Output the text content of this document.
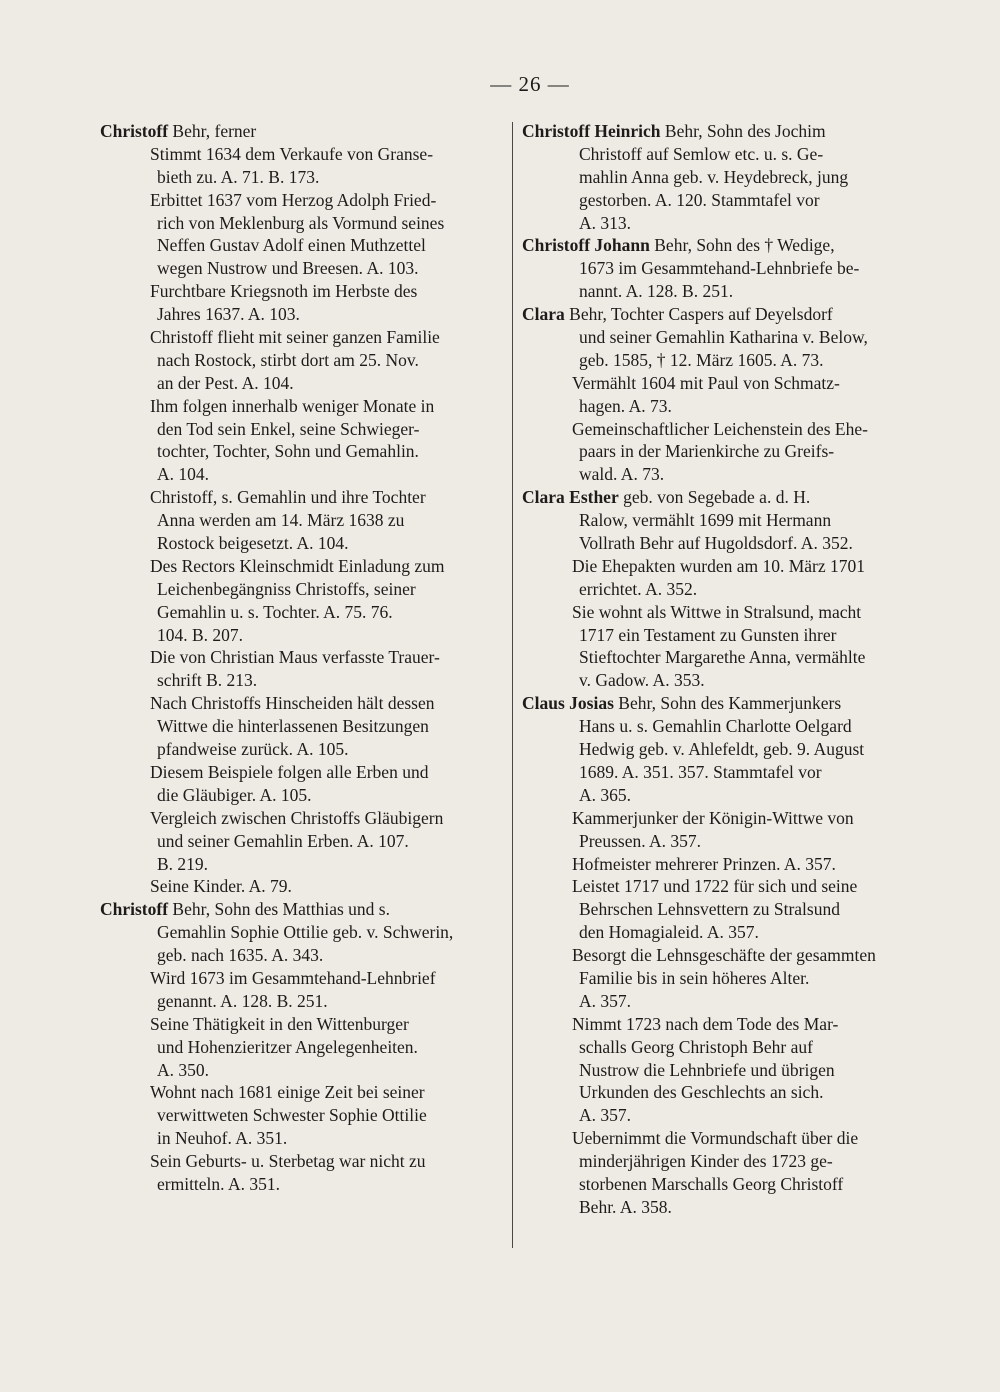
— 26 —
Christoff Behr, ferner
Stimmt 1634 dem Verkaufe von Granse-
bieth zu. A. 71. B. 173.
Erbittet 1637 vom Herzog Adolph Fried-
rich von Meklenburg als Vormund seines
Neffen Gustav Adolf einen Muthzettel
wegen Nustrow und Breesen. A. 103.
Furchtbare Kriegsnoth im Herbste des
Jahres 1637. A. 103.
Christoff flieht mit seiner ganzen Familie
nach Rostock, stirbt dort am 25. Nov.
an der Pest. A. 104.
Ihm folgen innerhalb weniger Monate in
den Tod sein Enkel, seine Schwieger-
tochter, Tochter, Sohn und Gemahlin.
A. 104.
Christoff, s. Gemahlin und ihre Tochter
Anna werden am 14. März 1638 zu
Rostock beigesetzt. A. 104.
Des Rectors Kleinschmidt Einladung zum
Leichenbegängniss Christoffs, seiner
Gemahlin u. s. Tochter. A. 75. 76.
104. B. 207.
Die von Christian Maus verfasste Trauer-
schrift B. 213.
Nach Christoffs Hinscheiden hält dessen
Wittwe die hinterlassenen Besitzungen
pfandweise zurück. A. 105.
Diesem Beispiele folgen alle Erben und
die Gläubiger. A. 105.
Vergleich zwischen Christoffs Gläubigern
und seiner Gemahlin Erben. A. 107.
B. 219.
Seine Kinder. A. 79.
Christoff Behr, Sohn des Matthias und s.
Gemahlin Sophie Ottilie geb. v. Schwerin,
geb. nach 1635. A. 343.
Wird 1673 im Gesammtehand-Lehnbrief
genannt. A. 128. B. 251.
Seine Thätigkeit in den Wittenburger
und Hohenzieritzer Angelegenheiten.
A. 350.
Wohnt nach 1681 einige Zeit bei seiner
verwittweten Schwester Sophie Ottilie
in Neuhof. A. 351.
Sein Geburts- u. Sterbetag war nicht zu
ermitteln. A. 351.
Christoff Heinrich Behr, Sohn des Jochim
Christoff auf Semlow etc. u. s. Ge-
mahlin Anna geb. v. Heydebreck, jung
gestorben. A. 120. Stammtafel vor
A. 313.
Christoff Johann Behr, Sohn des † Wedige,
1673 im Gesammtehand-Lehnbriefe be-
nannt. A. 128. B. 251.
Clara Behr, Tochter Caspers auf Deyelsdorf
und seiner Gemahlin Katharina v. Below,
geb. 1585, † 12. März 1605. A. 73.
Vermählt 1604 mit Paul von Schmatz-
hagen. A. 73.
Gemeinschaftlicher Leichenstein des Ehe-
paars in der Marienkirche zu Greifs-
wald. A. 73.
Clara Esther geb. von Segebade a. d. H.
Ralow, vermählt 1699 mit Hermann
Vollrath Behr auf Hugoldsdorf. A. 352.
Die Ehepakten wurden am 10. März 1701
errichtet. A. 352.
Sie wohnt als Wittwe in Stralsund, macht
1717 ein Testament zu Gunsten ihrer
Stieftochter Margarethe Anna, vermählte
v. Gadow. A. 353.
Claus Josias Behr, Sohn des Kammerjunkers
Hans u. s. Gemahlin Charlotte Oelgard
Hedwig geb. v. Ahlefeldt, geb. 9. August
1689. A. 351. 357. Stammtafel vor
A. 365.
Kammerjunker der Königin-Wittwe von
Preussen. A. 357.
Hofmeister mehrerer Prinzen. A. 357.
Leistet 1717 und 1722 für sich und seine
Behrschen Lehnsvettern zu Stralsund
den Homagialeid. A. 357.
Besorgt die Lehnsgeschäfte der gesammten
Familie bis in sein höheres Alter.
A. 357.
Nimmt 1723 nach dem Tode des Mar-
schalls Georg Christoph Behr auf
Nustrow die Lehnbriefe und übrigen
Urkunden des Geschlechts an sich.
A. 357.
Uebernimmt die Vormundschaft über die
minderjährigen Kinder des 1723 ge-
storbenen Marschalls Georg Christoff
Behr. A. 358.
